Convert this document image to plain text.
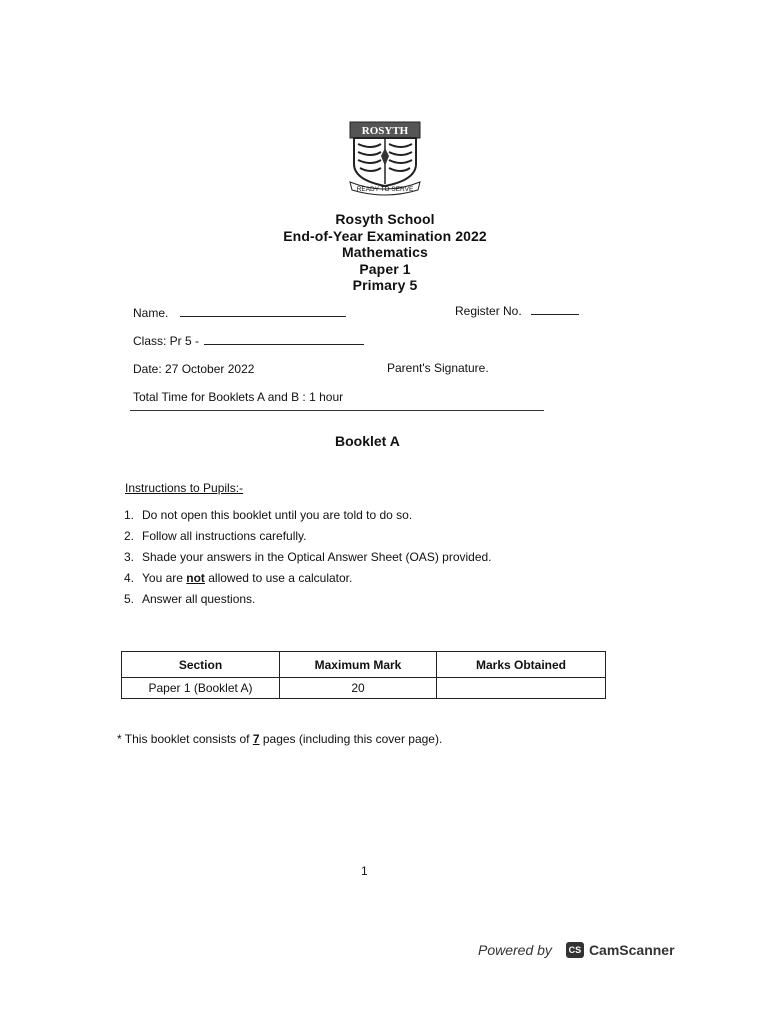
ROSYTH
READY TO SERVE
Rosyth School
End-of-Year Examination 2022
Mathematics
Paper 1
Primary 5
Name.	Register No.
Class: Pr 5 -
Date: 27 October 2022	Parent's Signature.
Total Time for Booklets A and B : 1 hour
Booklet A
Instructions to Pupils:-
1. Do not open this booklet until you are told to do so.
2. Follow all instructions carefully.
3. Shade your answers in the Optical Answer Sheet (OAS) provided.
4. You are not allowed to use a calculator.
5. Answer all questions.
Section	Maximum Mark	Marks Obtained
Paper 1 (Booklet A)	20	
* This booklet consists of 7 pages (including this cover page).
1
Powered by	CS CamScanner
